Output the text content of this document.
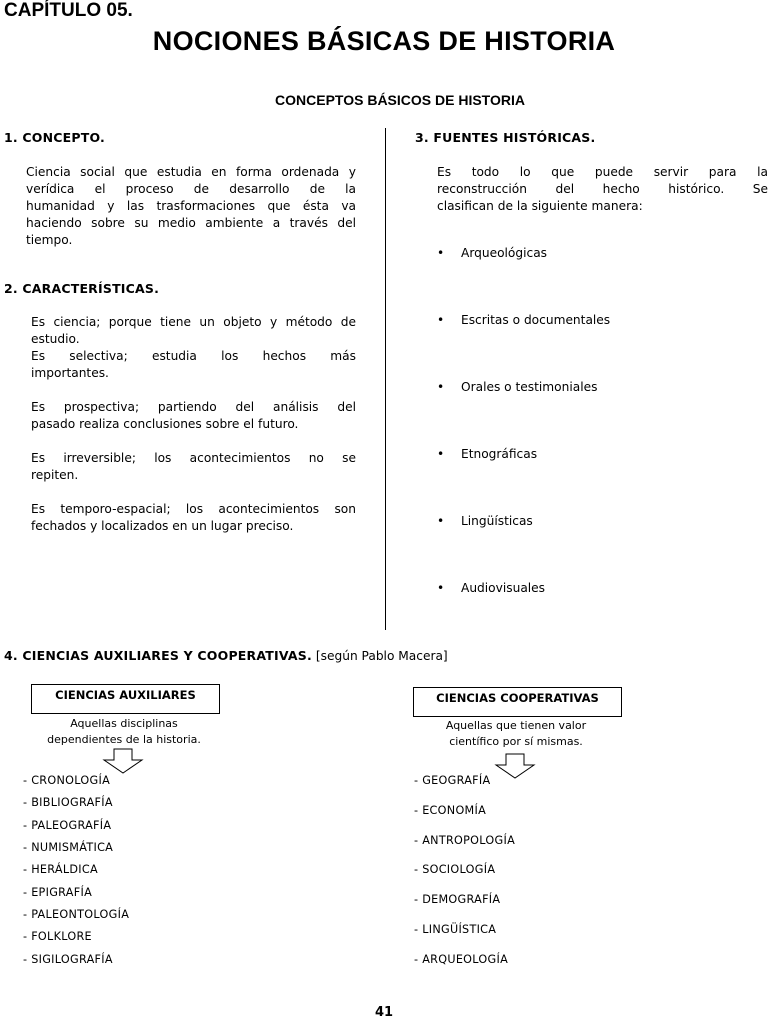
CAPÍTULO 05.
NOCIONES BÁSICAS DE HISTORIA
CONCEPTOS BÁSICOS DE HISTORIA
1. CONCEPTO.
Ciencia social que estudia en forma ordenada y
verídica el proceso de desarrollo de la
humanidad y las trasformaciones que ésta va
haciendo sobre su medio ambiente a través del
tiempo.
2. CARACTERÍSTICAS.
Es ciencia; porque tiene un objeto y método de
estudio.
Es selectiva; estudia los hechos más
importantes.
Es prospectiva; partiendo del análisis del
pasado realiza conclusiones sobre el futuro.
Es irreversible; los acontecimientos no se
repiten.
Es temporo-espacial; los acontecimientos son
fechados y localizados en un lugar preciso.
3. FUENTES HISTÓRICAS.
Es todo lo que puede servir para la
reconstrucción del hecho histórico. Se
clasifican de la siguiente manera:
• Arqueológicas
• Escritas o documentales
• Orales o testimoniales
• Etnográficas
• Lingüísticas
• Audiovisuales
4. CIENCIAS AUXILIARES Y COOPERATIVAS. [según Pablo Macera]
CIENCIAS AUXILIARES
Aquellas disciplinas
dependientes de la historia.
- CRONOLOGÍA
- BIBLIOGRAFÍA
- PALEOGRAFÍA
- NUMISMÁTICA
- HERÁLDICA
- EPIGRAFÍA
- PALEONTOLOGÍA
- FOLKLORE
- SIGILOGRAFÍA
CIENCIAS COOPERATIVAS
Aquellas que tienen valor
científico por sí mismas.
- GEOGRAFÍA
- ECONOMÍA
- ANTROPOLOGÍA
- SOCIOLOGÍA
- DEMOGRAFÍA
- LINGÜÍSTICA
- ARQUEOLOGÍA
41
